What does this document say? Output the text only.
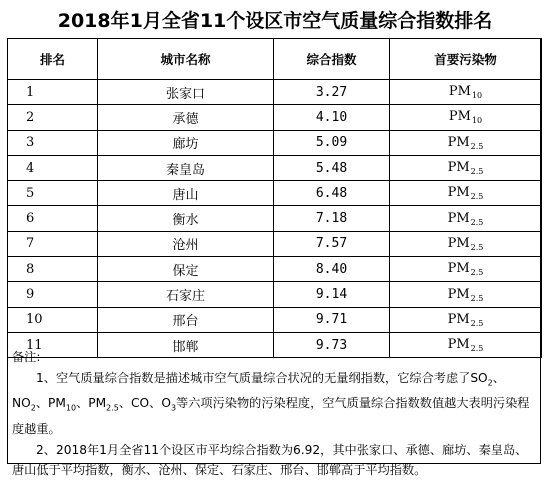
2018年1月全省11个设区市空气质量综合指数排名
排名	城市名称	综合指数	首要污染物
1	张家口	3.27	$PM_{10}$
2	承德	4.10	$PM_{10}$
3	廊坊	5.09	$PM_{2.5}$
4	秦皇岛	5.48	$PM_{2.5}$
5	唐山	6.48	$PM_{2.5}$
6	衡水	7.18	$PM_{2.5}$
7	沧州	7.57	$PM_{2.5}$
8	保定	8.40	$PM_{2.5}$
9	石家庄	9.14	$PM_{2.5}$
10	邢台	9.71	$PM_{2.5}$
11	邯郸	9.73	$PM_{2.5}$

备注:

1、空气质量综合指数是描述城市空气质量综合状况的无量纲指数，它综合考虑了$SO_2$、$NO_2$、$PM_{10}$、$PM_{2.5}$、CO、$O_3$等六项污染物的污染程度，空气质量综合指数数值越大表明污染程度越重。

2、2018年1月全省11个设区市平均综合指数为6.92，其中张家口、承德、廊坊、秦皇岛、唐山低于平均指数，衡水、沧州、保定、石家庄、邢台、邯郸高于平均指数。
